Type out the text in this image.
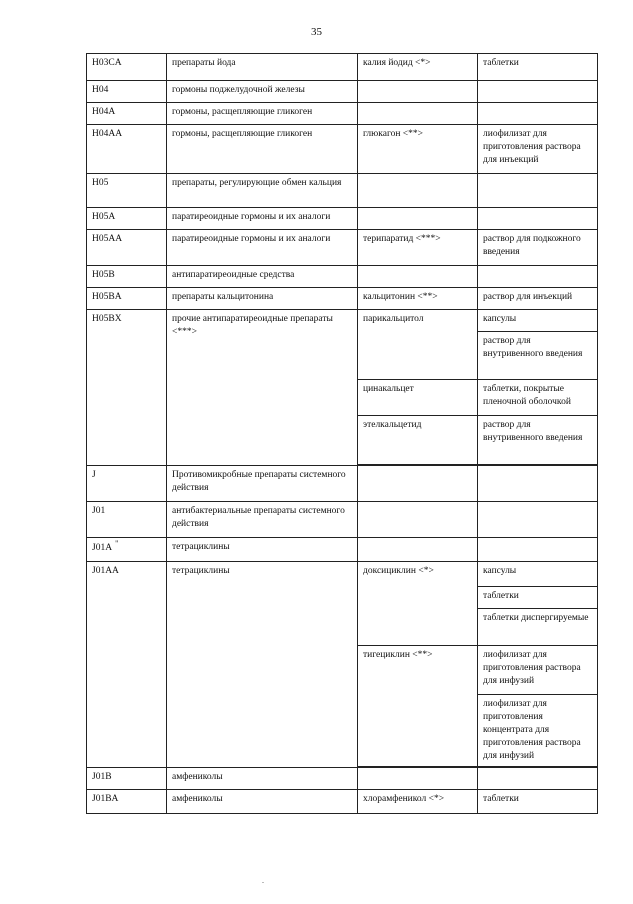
35
H03CA	препараты йода	калия йодид <*>	таблетки
H04	гормоны поджелудочной железы		
H04A	гормоны, расщепляющие гликоген		
H04AA	гормоны, расщепляющие гликоген	глюкагон <**>	лиофилизат для приготовления раствора для инъекций
H05	препараты, регулирующие обмен кальция		
H05A	паратиреоидные гормоны и их аналоги		
H05AA	паратиреоидные гормоны и их аналоги	терипаратид <***>	раствор для подкожного введения
H05B	антипаратиреоидные средства		
H05BA	препараты кальцитонина	кальцитонин <**>	раствор для инъекций
H05BX	прочие антипаратиреоидные препараты <***>	парикальцитол	капсулы
			раствор для внутривенного введения
		цинакальцет	таблетки, покрытые пленочной оболочкой
		этелкальцетид	раствор для внутривенного введения

J	Противомикробные препараты системного действия		
J01	антибактериальные препараты системного действия		
J01A "	тетрациклины		
J01AA	тетрациклины	доксициклин <*>	капсулы
			таблетки
			таблетки диспергируемые
		тигециклин <**>	лиофилизат для приготовления раствора для инфузий
			лиофилизат для приготовления концентрата для приготовления раствора для инфузий

J01B	амфениколы		
J01BA	амфениколы	хлорамфеникол <*>	таблетки
